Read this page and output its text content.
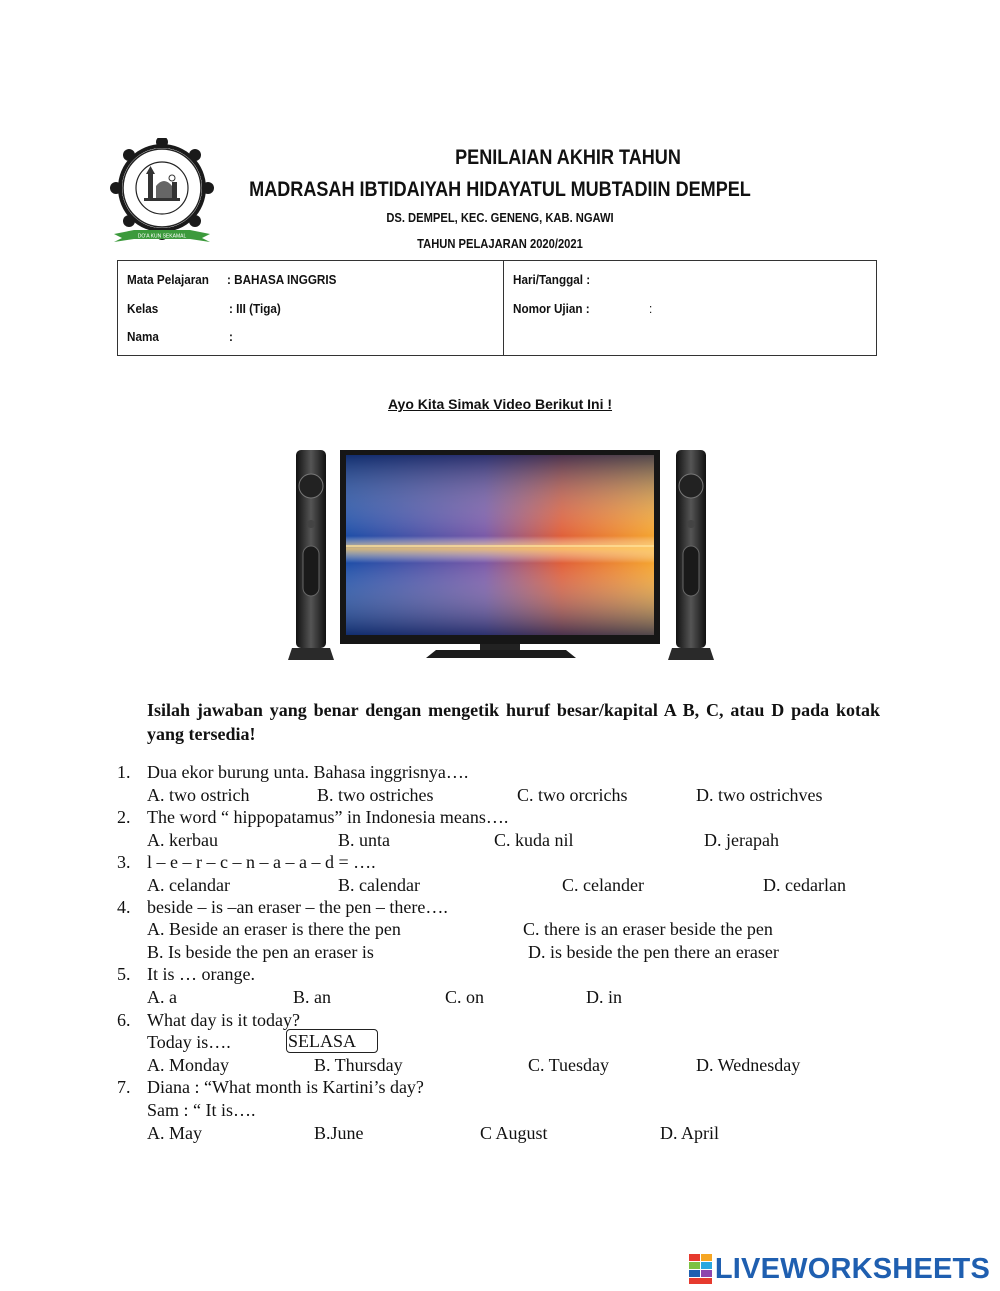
DO'A KUN SEKAMAL
PENILAIAN AKHIR TAHUN
MADRASAH IBTIDAIYAH HIDAYATUL MUBTADIIN DEMPEL
DS. DEMPEL, KEC. GENENG, KAB. NGAWI
TAHUN PELAJARAN 2020/2021
Mata Pelajaran : BAHASA INGGRIS
Kelas	: III (Tiga)
Nama	:
Hari/Tanggal :
Nomor Ujian :	:
Ayo Kita Simak Video Berikut Ini !
Isilah jawaban yang benar dengan mengetik huruf besar/kapital A B, C, atau D pada kotak yang tersedia!
1. Dua ekor burung unta. Bahasa inggrisnya….
A. two ostrich	B. two ostriches	C. two orcrichs	D. two ostrichves
2. The word “ hippopatamus” in Indonesia means….
A. kerbau	B. unta	C. kuda nil	D. jerapah
3. l – e – r – c – n – a – a – d = ….
A. celandar	B. calendar	C. celander	D. cedarlan
4. beside – is –an eraser – the pen – there….
A. Beside an eraser is there the pen	C. there is an eraser beside the pen
B. Is beside the pen an eraser is	D. is beside the pen there an eraser
5. It is … orange.
A. a	B. an	C. on	D. in
6. What day is it today?
Today is….	SELASA
A. Monday	B. Thursday	C. Tuesday	D. Wednesday
7. Diana : “What month is Kartini’s day?
Sam : “ It is….
A. May	B.June	C August	D. April
LIVEWORKSHEETS
